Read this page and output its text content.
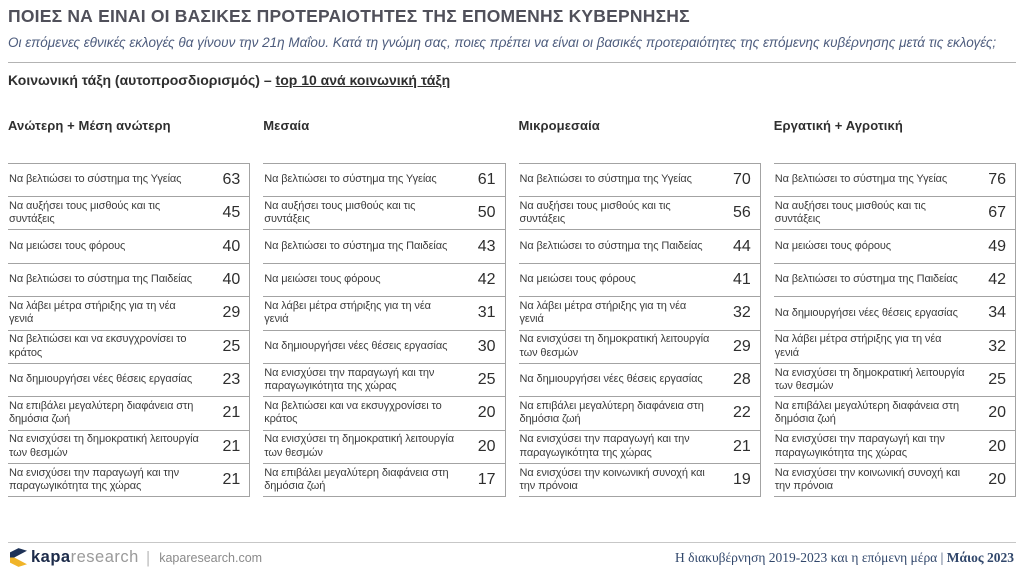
ΠΟΙΕΣ ΝΑ ΕΙΝΑΙ ΟΙ ΒΑΣΙΚΕΣ ΠΡΟΤΕΡΑΙΟΤΗΤΕΣ ΤΗΣ ΕΠΟΜΕΝΗΣ ΚΥΒΕΡΝΗΣΗΣ

Οι επόμενες εθνικές εκλογές θα γίνουν την 21η Μαΐου. Κατά τη γνώμη σας, ποιες πρέπει να είναι οι βασικές προτεραιότητες της επόμενης κυβέρνησης μετά τις εκλογές;

Κοινωνική τάξη (αυτοπροσδιορισμός) – top 10 ανά κοινωνική τάξη
Ανώτερη + Μέση ανώτερη
Να βελτιώσει το σύστημα της Υγείας	63
Να αυξήσει τους μισθούς και τις συντάξεις	45
Να μειώσει τους φόρους	40
Να βελτιώσει το σύστημα της Παιδείας	40
Να λάβει μέτρα στήριξης για τη νέα γενιά	29
Να βελτιώσει και να εκσυγχρονίσει το κράτος	25
Να δημιουργήσει νέες θέσεις εργασίας	23
Να επιβάλει μεγαλύτερη διαφάνεια στη δημόσια ζωή	21
Να ενισχύσει τη δημοκρατική λειτουργία των θεσμών	21
Να ενισχύσει την παραγωγή και την παραγωγικότητα της χώρας	21
Μεσαία
Να βελτιώσει το σύστημα της Υγείας	61
Να αυξήσει τους μισθούς και τις συντάξεις	50
Να βελτιώσει το σύστημα της Παιδείας	43
Να μειώσει τους φόρους	42
Να λάβει μέτρα στήριξης για τη νέα γενιά	31
Να δημιουργήσει νέες θέσεις εργασίας	30
Να ενισχύσει την παραγωγή και την παραγωγικότητα της χώρας	25
Να βελτιώσει και να εκσυγχρονίσει το κράτος	20
Να ενισχύσει τη δημοκρατική λειτουργία των θεσμών	20
Να επιβάλει μεγαλύτερη διαφάνεια στη δημόσια ζωή	17
Μικρομεσαία
Να βελτιώσει το σύστημα της Υγείας	70
Να αυξήσει τους μισθούς και τις συντάξεις	56
Να βελτιώσει το σύστημα της Παιδείας	44
Να μειώσει τους φόρους	41
Να λάβει μέτρα στήριξης για τη νέα γενιά	32
Να ενισχύσει τη δημοκρατική λειτουργία των θεσμών	29
Να δημιουργήσει νέες θέσεις εργασίας	28
Να επιβάλει μεγαλύτερη διαφάνεια στη δημόσια ζωή	22
Να ενισχύσει την παραγωγή και την παραγωγικότητα της χώρας	21
Να ενισχύσει την κοινωνική συνοχή και την πρόνοια	19
Εργατική + Αγροτική
Να βελτιώσει το σύστημα της Υγείας	76
Να αυξήσει τους μισθούς και τις συντάξεις	67
Να μειώσει τους φόρους	49
Να βελτιώσει το σύστημα της Παιδείας	42
Να δημιουργήσει νέες θέσεις εργασίας	34
Να λάβει μέτρα στήριξης για τη νέα γενιά	32
Να ενισχύσει τη δημοκρατική λειτουργία των θεσμών	25
Να επιβάλει μεγαλύτερη διαφάνεια στη δημόσια ζωή	20
Να ενισχύσει την παραγωγή και την παραγωγικότητα της χώρας	20
Να ενισχύσει την κοινωνική συνοχή και την πρόνοια	20
kapa research | kaparesearch.com	Η διακυβέρνηση 2019-2023 και η επόμενη μέρα | Μάιος 2023
